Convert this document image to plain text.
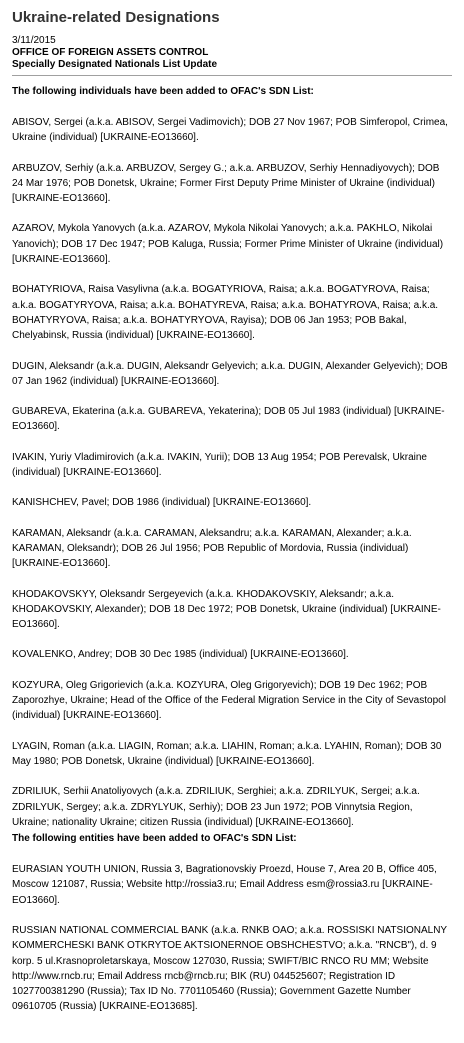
Ukraine-related Designations
3/11/2015
OFFICE OF FOREIGN ASSETS CONTROL
Specially Designated Nationals List Update
The following individuals have been added to OFAC's SDN List:

ABISOV, Sergei (a.k.a. ABISOV, Sergei Vadimovich); DOB 27 Nov 1967; POB Simferopol, Crimea, Ukraine (individual) [UKRAINE-EO13660].

ARBUZOV, Serhiy (a.k.a. ARBUZOV, Sergey G.; a.k.a. ARBUZOV, Serhiy Hennadiyovych); DOB 24 Mar 1976; POB Donetsk, Ukraine; Former First Deputy Prime Minister of Ukraine (individual) [UKRAINE-EO13660].

AZAROV, Mykola Yanovych (a.k.a. AZAROV, Mykola Nikolai Yanovych; a.k.a. PAKHLO, Nikolai Yanovich); DOB 17 Dec 1947; POB Kaluga, Russia; Former Prime Minister of Ukraine (individual) [UKRAINE-EO13660].

BOHATYRIOVA, Raisa Vasylivna (a.k.a. BOGATYRIOVA, Raisa; a.k.a. BOGATYROVA, Raisa; a.k.a. BOGATYRYOVA, Raisa; a.k.a. BOHATYREVA, Raisa; a.k.a. BOHATYROVA, Raisa; a.k.a. BOHATYRYOVA, Raisa; a.k.a. BOHATYRYOVA, Rayisa); DOB 06 Jan 1953; POB Bakal, Chelyabinsk, Russia (individual) [UKRAINE-EO13660].

DUGIN, Aleksandr (a.k.a. DUGIN, Aleksandr Gelyevich; a.k.a. DUGIN, Alexander Gelyevich); DOB 07 Jan 1962 (individual) [UKRAINE-EO13660].

GUBAREVA, Ekaterina (a.k.a. GUBAREVA, Yekaterina); DOB 05 Jul 1983 (individual) [UKRAINE-EO13660].

IVAKIN, Yuriy Vladimirovich (a.k.a. IVAKIN, Yurii); DOB 13 Aug 1954; POB Perevalsk, Ukraine (individual) [UKRAINE-EO13660].

KANISHCHEV, Pavel; DOB 1986 (individual) [UKRAINE-EO13660].

KARAMAN, Aleksandr (a.k.a. CARAMAN, Aleksandru; a.k.a. KARAMAN, Alexander; a.k.a. KARAMAN, Oleksandr); DOB 26 Jul 1956; POB Republic of Mordovia, Russia (individual) [UKRAINE-EO13660].

KHODAKOVSKYY, Oleksandr Sergeyevich (a.k.a. KHODAKOVSKIY, Aleksandr; a.k.a. KHODAKOVSKIY, Alexander); DOB 18 Dec 1972; POB Donetsk, Ukraine (individual) [UKRAINE-EO13660].

KOVALENKO, Andrey; DOB 30 Dec 1985 (individual) [UKRAINE-EO13660].

KOZYURA, Oleg Grigorievich (a.k.a. KOZYURA, Oleg Grigoryevich); DOB 19 Dec 1962; POB Zaporozhye, Ukraine; Head of the Office of the Federal Migration Service in the City of Sevastopol (individual) [UKRAINE-EO13660].

LYAGIN, Roman (a.k.a. LIAGIN, Roman; a.k.a. LIAHIN, Roman; a.k.a. LYAHIN, Roman); DOB 30 May 1980; POB Donetsk, Ukraine (individual) [UKRAINE-EO13660].

ZDRILIUK, Serhii Anatoliyovych (a.k.a. ZDRILIUK, Serghiei; a.k.a. ZDRILYUK, Sergei; a.k.a. ZDRILYUK, Sergey; a.k.a. ZDRYLYUK, Serhiy); DOB 23 Jun 1972; POB Vinnytsia Region, Ukraine; nationality Ukraine; citizen Russia (individual) [UKRAINE-EO13660].

The following entities have been added to OFAC's SDN List:

EURASIAN YOUTH UNION, Russia 3, Bagrationovskiy Proezd, House 7, Area 20 B, Office 405, Moscow 121087, Russia; Website http://rossia3.ru; Email Address esm@rossia3.ru [UKRAINE-EO13660].

RUSSIAN NATIONAL COMMERCIAL BANK (a.k.a. RNKB OAO; a.k.a. ROSSISKI NATSIONALNY KOMMERCHESKI BANK OTKRYTOE AKTSIONERNOE OBSHCHESTVO; a.k.a. "RNCB"), d. 9 korp. 5 ul.Krasnoproletarskaya, Moscow 127030, Russia; SWIFT/BIC RNCO RU MM; Website http://www.rncb.ru; Email Address rncb@rncb.ru; BIK (RU) 044525607; Registration ID 1027700381290 (Russia); Tax ID No. 7701105460 (Russia); Government Gazette Number 09610705 (Russia) [UKRAINE-EO13685].
